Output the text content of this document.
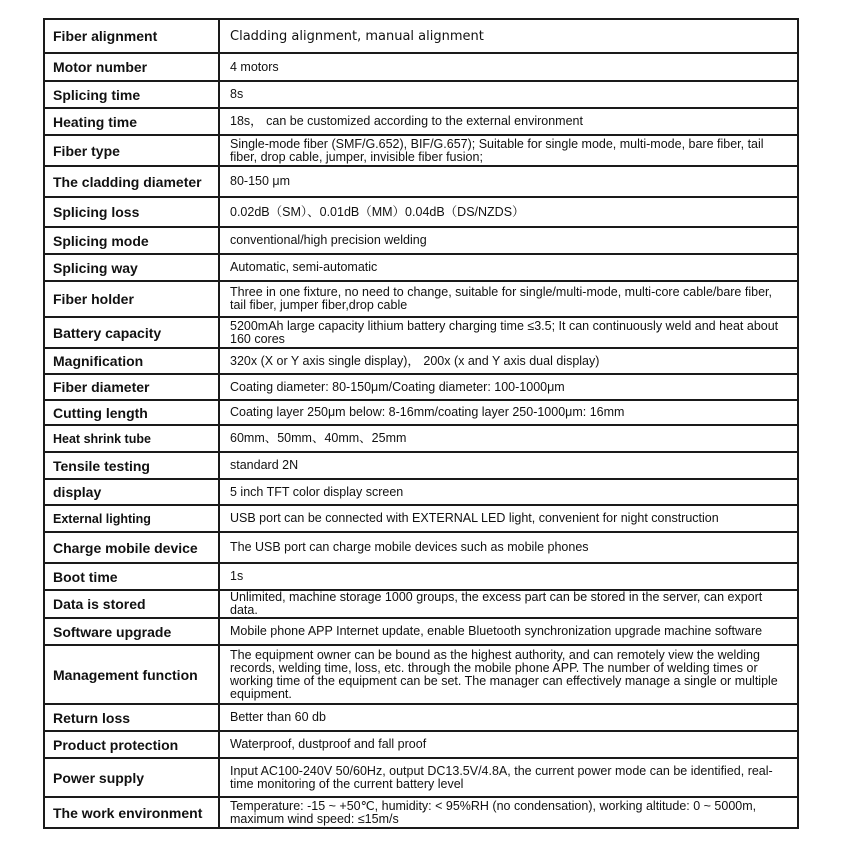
Fiber alignment	Cladding alignment, manual alignment
Motor number	4 motors
Splicing time	8s
Heating time	18s， can be customized according to the external environment
Fiber type	Single-mode fiber (SMF/G.652), BIF/G.657); Suitable for single mode, multi-mode, bare fiber, tail fiber, drop cable, jumper, invisible fiber fusion;
The cladding diameter	80-150 μm
Splicing loss	0.02dB（SM）、0.01dB（MM）0.04dB（DS/NZDS）
Splicing mode	conventional/high precision welding
Splicing way	Automatic, semi-automatic
Fiber holder	Three in one fixture, no need to change, suitable for single/multi-mode, multi-core cable/bare fiber, tail fiber, jumper fiber,drop cable
Battery capacity	5200mAh large capacity lithium battery charging time ≤3.5; It can continuously weld and heat about 160 cores
Magnification	320x (X or Y axis single display)， 200x (x and Y axis dual display)
Fiber diameter	Coating diameter: 80-150μm/Coating diameter: 100-1000μm
Cutting length	Coating layer 250μm below: 8-16mm/coating layer 250-1000μm: 16mm
Heat shrink tube	60mm、50mm、40mm、25mm
Tensile testing	standard 2N
display	5 inch TFT color display screen
External lighting	USB port can be connected with EXTERNAL LED light, convenient for night construction
Charge mobile device	The USB port can charge mobile devices such as mobile phones
Boot time	1s
Data is stored	Unlimited, machine storage 1000 groups, the excess part can be stored in the server, can export data.
Software upgrade	Mobile phone APP Internet update, enable Bluetooth synchronization upgrade machine software
Management function	The equipment owner can be bound as the highest authority, and can remotely view the welding records, welding time, loss, etc. through the mobile phone APP. The number of welding times or working time of the equipment can be set. The manager can effectively manage a single or multiple equipment.
Return loss	Better than 60 db
Product protection	Waterproof, dustproof and fall proof
Power supply	Input AC100-240V 50/60Hz, output DC13.5V/4.8A, the current power mode can be identified, real-time monitoring of the current battery level
The work environment	Temperature: -15 ~ +50℃, humidity: < 95%RH (no condensation), working altitude: 0 ~ 5000m, maximum wind speed: ≤15m/s
